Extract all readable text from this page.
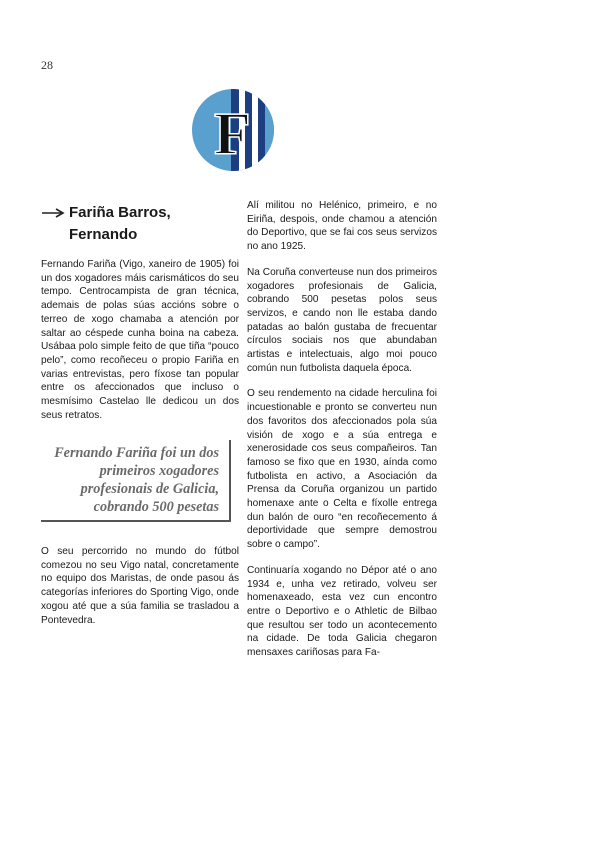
28
F
Fariña Barros,
Fernando

Fernando Fariña (Vigo, xaneiro de 1905) foi un dos xogadores máis carismáticos do seu tempo. Centrocampista de gran técnica, ademais de polas súas accións sobre o terreo de xogo chamaba a atención por saltar ao céspede cunha boina na cabeza. Usábaa polo simple feito de que tiña “pouco pelo”, como recoñeceu o propio Fariña en varias entrevistas, pero fíxose tan popular entre os afeccionados que incluso o mesmísimo Castelao lle dedicou un dos seus retratos.

Fernando Fariña foi un dos primeiros xogadores profesionais de Galicia, cobrando 500 pesetas

O seu percorrido no mundo do fútbol comezou no seu Vigo natal, concretamente no equipo dos Maristas, de onde pasou ás categorías inferiores do Sporting Vigo, onde xogou até que a súa familia se trasladou a Pontevedra.

Alí militou no Helénico, primeiro, e no Eiriña, despois, onde chamou a atención do Deportivo, que se fai cos seus servizos no ano 1925.

Na Coruña converteuse nun dos primeiros xogadores profesionais de Galicia, cobrando 500 pesetas polos seus servizos, e cando non lle estaba dando patadas ao balón gustaba de frecuentar círculos sociais nos que abundaban artistas e intelectuais, algo moi pouco común nun futbolista daquela época.

O seu rendemento na cidade herculina foi incuestionable e pronto se converteu nun dos favoritos dos afeccionados pola súa visión de xogo e a súa entrega e xenerosidade cos seus compañeiros. Tan famoso se fixo que en 1930, aínda como futbolista en activo, a Asociación da Prensa da Coruña organizou un partido homenaxe ante o Celta e fíxolle entrega dun balón de ouro “en recoñecemento á deportividade que sempre demostrou sobre o campo”.

Continuaría xogando no Dépor até o ano 1934 e, unha vez retirado, volveu ser homenaxeado, esta vez cun encontro entre o Deportivo e o Athletic de Bilbao que resultou ser todo un acontecemento na cidade. De toda Galicia chegaron mensaxes cariñosas para Fa-
